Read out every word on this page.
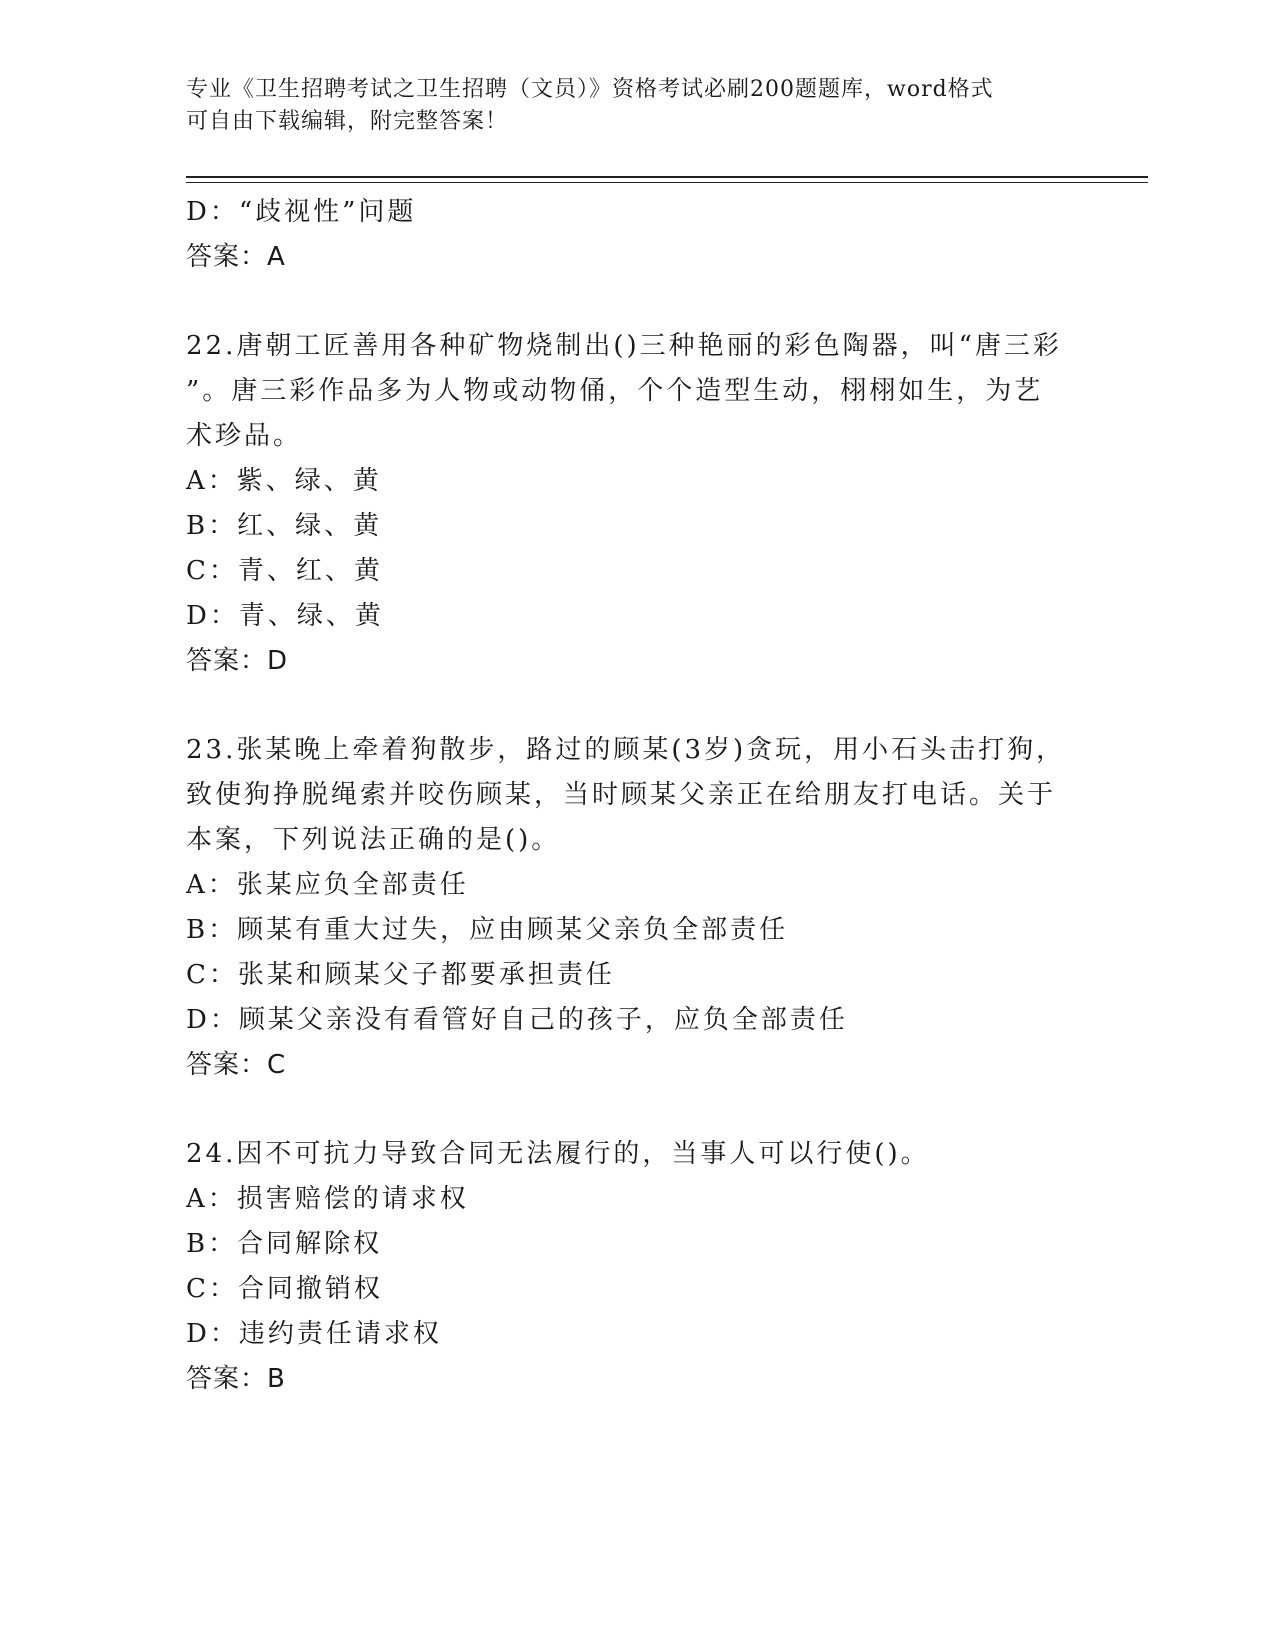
专业《卫生招聘考试之卫生招聘（文员）》资格考试必刷200题题库，word格式
可自由下载编辑，附完整答案！
D：“歧视性”问题
答案：A
22.唐朝工匠善用各种矿物烧制出()三种艳丽的彩色陶器，叫“唐三彩
”。唐三彩作品多为人物或动物俑，个个造型生动，栩栩如生，为艺
术珍品。
A：紫、绿、黄
B：红、绿、黄
C：青、红、黄
D：青、绿、黄
答案：D
23.张某晚上牵着狗散步，路过的顾某(3岁)贪玩，用小石头击打狗，
致使狗挣脱绳索并咬伤顾某，当时顾某父亲正在给朋友打电话。关于
本案，下列说法正确的是()。
A：张某应负全部责任
B：顾某有重大过失，应由顾某父亲负全部责任
C：张某和顾某父子都要承担责任
D：顾某父亲没有看管好自己的孩子，应负全部责任
答案：C
24.因不可抗力导致合同无法履行的，当事人可以行使()。
A：损害赔偿的请求权
B：合同解除权
C：合同撤销权
D：违约责任请求权
答案：B
